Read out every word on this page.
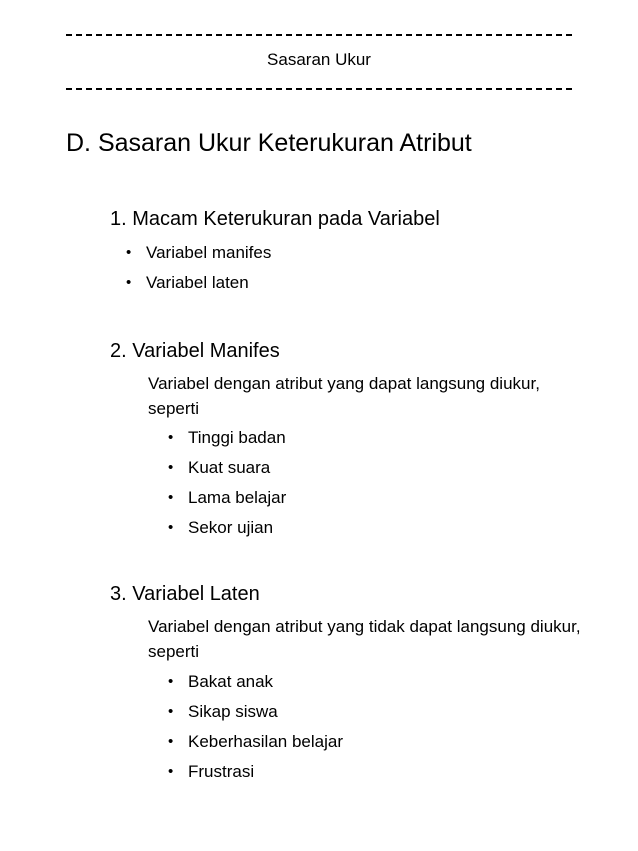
Sasaran Ukur
D. Sasaran Ukur Keterukuran Atribut
1. Macam Keterukuran pada Variabel
• Variabel manifes
• Variabel laten
2. Variabel Manifes
Variabel dengan atribut yang dapat langsung diukur, seperti
• Tinggi badan
• Kuat suara
• Lama belajar
• Sekor ujian
3. Variabel Laten
Variabel dengan atribut yang tidak dapat langsung diukur, seperti
• Bakat anak
• Sikap siswa
• Keberhasilan belajar
• Frustrasi
